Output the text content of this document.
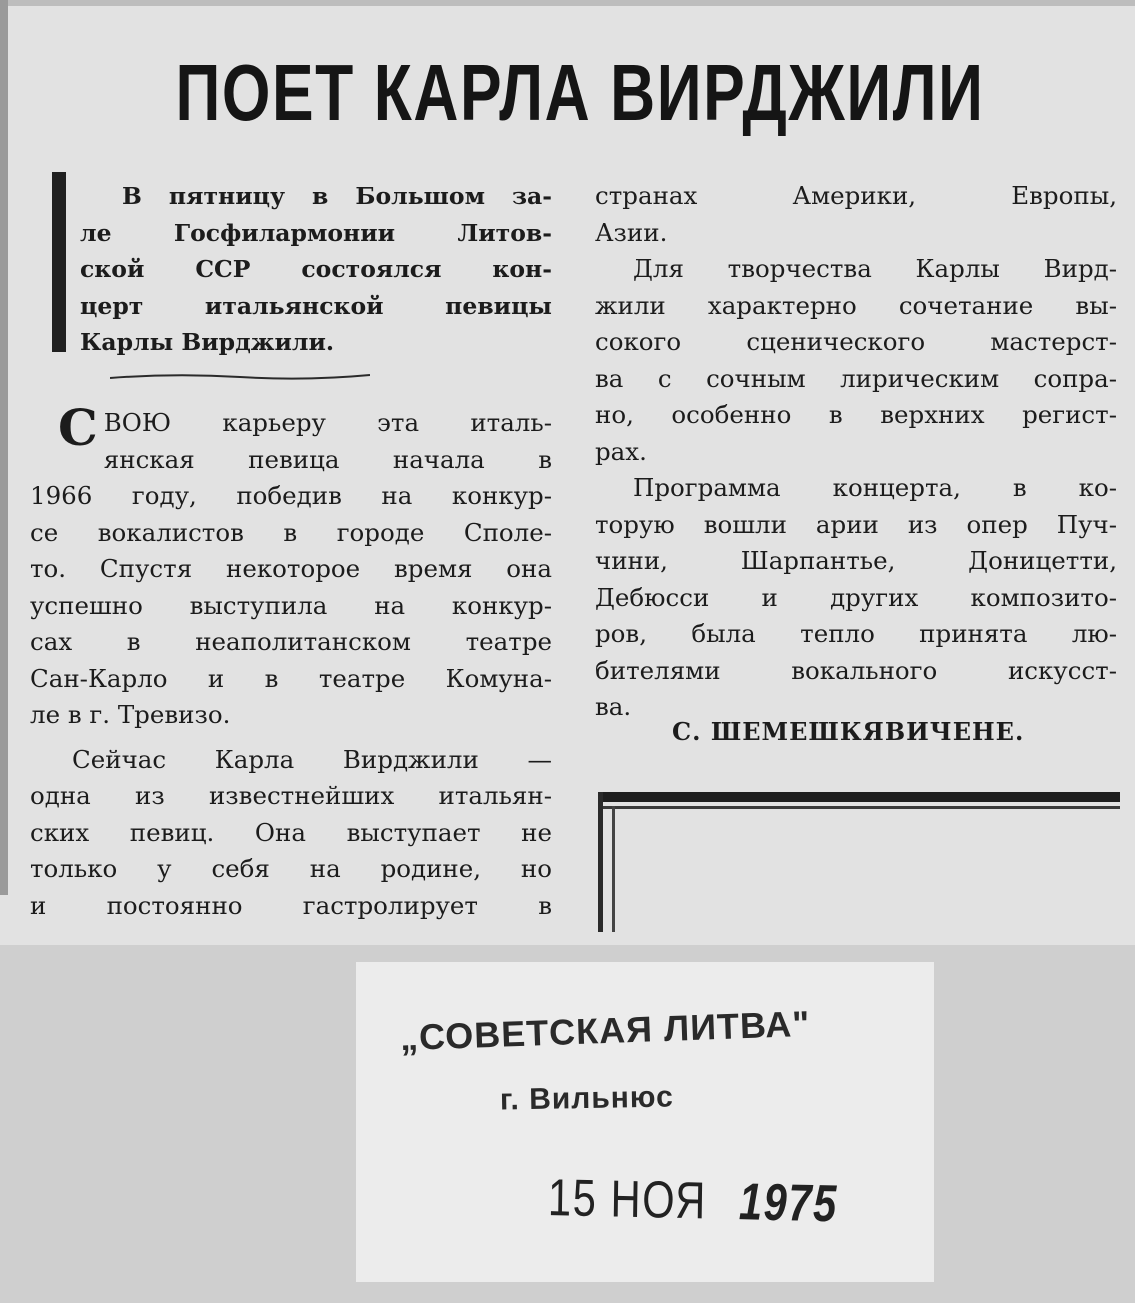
ПОЕТ КАРЛА ВИРДЖИЛИ

В пятницу в Большом за-

ле Госфилармонии Литов-

ской ССР состоялся кон-

церт итальянской певицы

Карлы Вирджили.

С ВОЮ карьеру эта италь-

янская певица начала в

1966 году, победив на конкур-

се вокалистов в городе Споле-

то. Спустя некоторое время она

успешно выступила на конкур-

сах в неаполитанском театре

Сан-Карло и в театре Комуна-

ле в г. Тревизо.

Сейчас Карла Вирджили —

одна из известнейших итальян-

ских певиц. Она выступает не

только у себя на родине, но

и постоянно гастролирует в

странах Америки, Европы,

Азии.

Для творчества Карлы Вирд-

жили характерно сочетание вы-

сокого сценического мастерст-

ва с сочным лирическим сопра-

но, особенно в верхних регист-

рах.

Программа концерта, в ко-

торую вошли арии из опер Пуч-

чини, Шарпантье, Доницетти,

Дебюсси и других композито-

ров, была тепло принята лю-

бителями вокального искусст-

ва.

С. ШЕМЕШКЯВИЧЕНЕ.

„СОВЕТСКАЯ ЛИТВА"

г. Вильнюс

15 НОЯ 1975
